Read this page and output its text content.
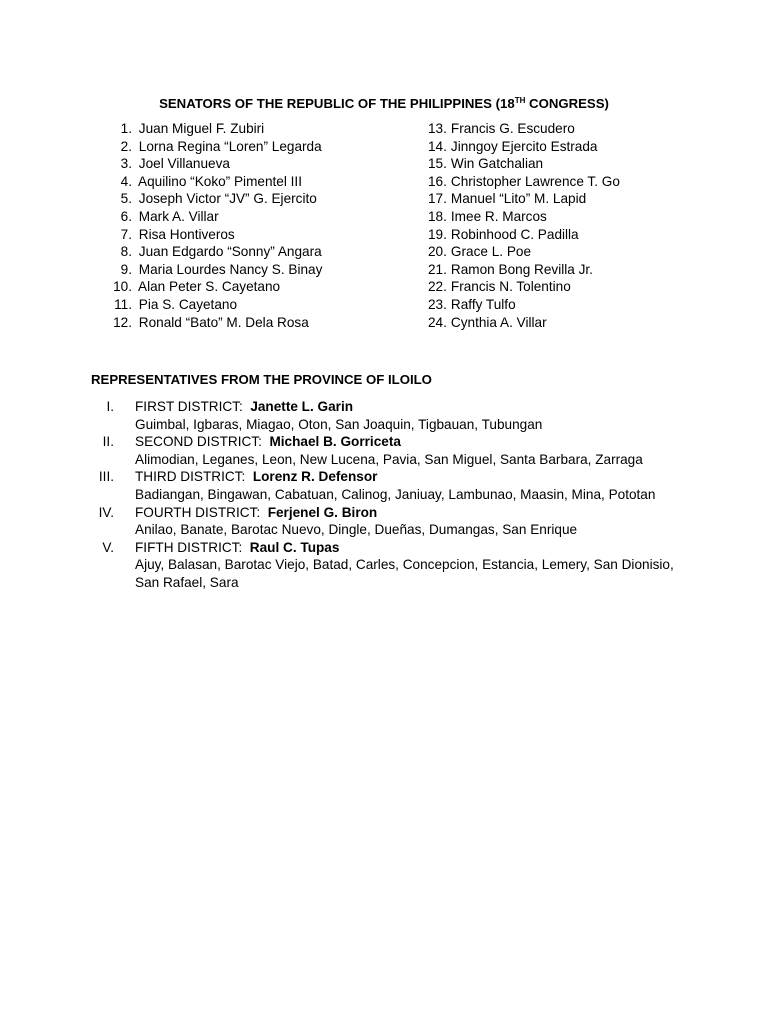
SENATORS OF THE REPUBLIC OF THE PHILIPPINES (18TH CONGRESS)
1. Juan Miguel F. Zubiri
2. Lorna Regina “Loren” Legarda
3. Joel Villanueva
4. Aquilino “Koko” Pimentel III
5. Joseph Victor “JV” G. Ejercito
6. Mark A. Villar
7. Risa Hontiveros
8. Juan Edgardo “Sonny” Angara
9. Maria Lourdes Nancy S. Binay
10. Alan Peter S. Cayetano
11. Pia S. Cayetano
12. Ronald “Bato” M. Dela Rosa
13. Francis G. Escudero
14. Jinngoy Ejercito Estrada
15. Win Gatchalian
16. Christopher Lawrence T. Go
17. Manuel “Lito” M. Lapid
18. Imee R. Marcos
19. Robinhood C. Padilla
20. Grace L. Poe
21. Ramon Bong Revilla Jr.
22. Francis N. Tolentino
23. Raffy Tulfo
24. Cynthia A. Villar
REPRESENTATIVES FROM THE PROVINCE OF ILOILO
I. FIRST DISTRICT: Janette L. Garin
Guimbal, Igbaras, Miagao, Oton, San Joaquin, Tigbauan, Tubungan
II. SECOND DISTRICT: Michael B. Gorriceta
Alimodian, Leganes, Leon, New Lucena, Pavia, San Miguel, Santa Barbara, Zarraga
III. THIRD DISTRICT: Lorenz R. Defensor
Badiangan, Bingawan, Cabatuan, Calinog, Janiuay, Lambunao, Maasin, Mina, Pototan
IV. FOURTH DISTRICT: Ferjenel G. Biron
Anilao, Banate, Barotac Nuevo, Dingle, Dueñas, Dumangas, San Enrique
V. FIFTH DISTRICT: Raul C. Tupas
Ajuy, Balasan, Barotac Viejo, Batad, Carles, Concepcion, Estancia, Lemery, San Dionisio, San Rafael, Sara
